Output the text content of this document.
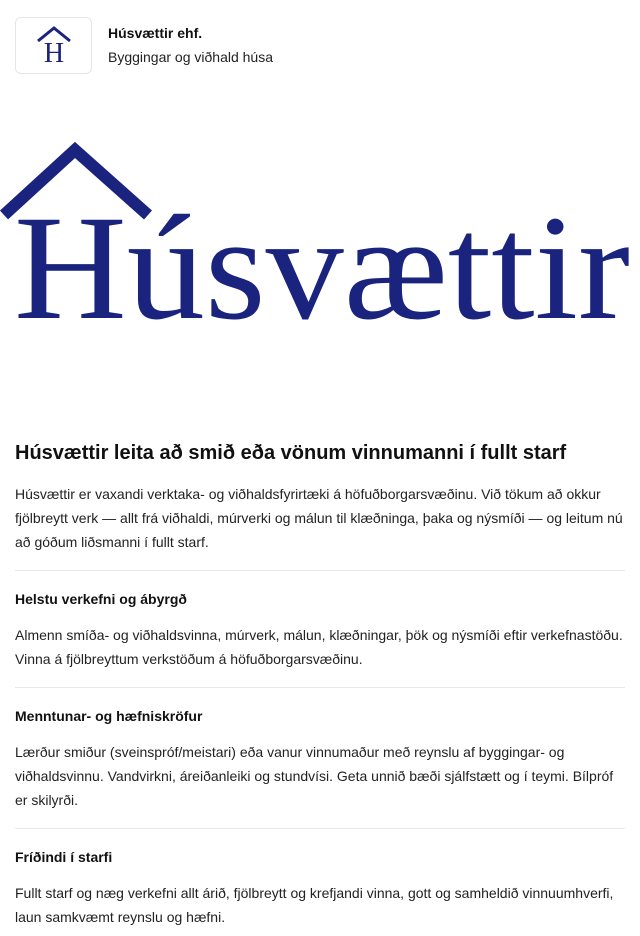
H
Húsvættir ehf.
Byggingar og viðhald húsa
Húsvættir
Húsvættir leita að smið eða vönum vinnumanni í fullt starf

Húsvættir er vaxandi verktaka- og viðhaldsfyrirtæki á höfuðborgarsvæðinu. Við tökum að okkur fjölbreytt verk — allt frá viðhaldi, múrverki og málun til klæðninga, þaka og nýsmíði — og leitum nú að góðum liðsmanni í fullt starf.

Helstu verkefni og ábyrgð

Almenn smíða- og viðhaldsvinna, múrverk, málun, klæðningar, þök og nýsmíði eftir verkefnastöðu. Vinna á fjölbreyttum verkstöðum á höfuðborgarsvæðinu.

Menntunar- og hæfniskröfur

Lærður smiður (sveinspróf/meistari) eða vanur vinnumaður með reynslu af byggingar- og viðhaldsvinnu. Vandvirkni, áreiðanleiki og stundvísi. Geta unnið bæði sjálfstætt og í teymi. Bílpróf er skilyrði.

Fríðindi í starfi

Fullt starf og næg verkefni allt árið, fjölbreytt og krefjandi vinna, gott og samheldið vinnuumhverfi, laun samkvæmt reynslu og hæfni.
